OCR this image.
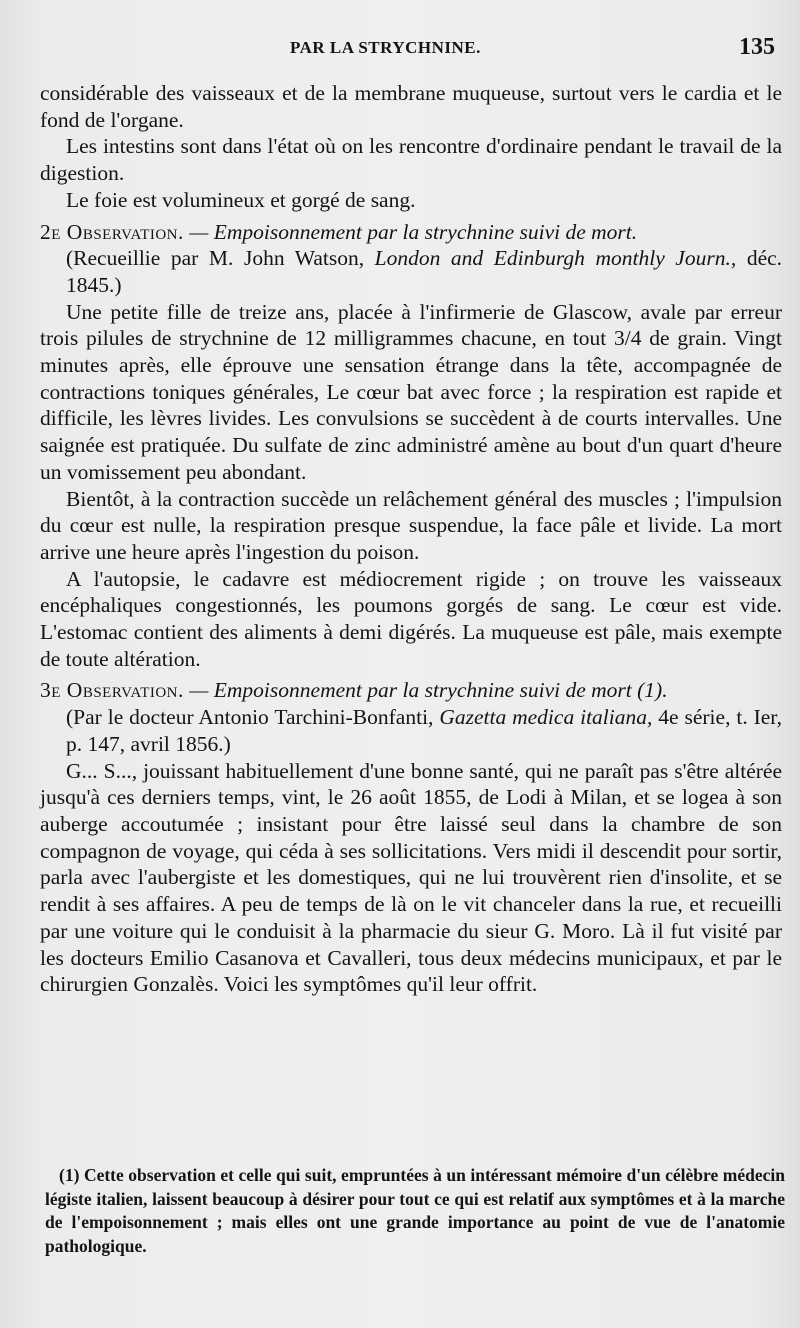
PAR LA STRYCHNINE.	135

considérable des vaisseaux et de la membrane muqueuse, surtout vers le cardia et le fond de l'organe.

Les intestins sont dans l'état où on les rencontre d'ordinaire pendant le travail de la digestion.

Le foie est volumineux et gorgé de sang.

2e Observation. — Empoisonnement par la strychnine suivi de mort.

(Recueillie par M. John Watson, London and Edinburgh monthly Journ., déc. 1845.)

Une petite fille de treize ans, placée à l'infirmerie de Glascow, avale par erreur trois pilules de strychnine de 12 milligrammes chacune, en tout 3/4 de grain. Vingt minutes après, elle éprouve une sensation étrange dans la tête, accompagnée de contractions toniques générales, Le cœur bat avec force ; la respiration est rapide et difficile, les lèvres livides. Les convulsions se succèdent à de courts intervalles. Une saignée est pratiquée. Du sulfate de zinc administré amène au bout d'un quart d'heure un vomissement peu abondant.

Bientôt, à la contraction succède un relâchement général des muscles ; l'impulsion du cœur est nulle, la respiration presque suspendue, la face pâle et livide. La mort arrive une heure après l'ingestion du poison.

A l'autopsie, le cadavre est médiocrement rigide ; on trouve les vaisseaux encéphaliques congestionnés, les poumons gorgés de sang. Le cœur est vide. L'estomac contient des aliments à demi digérés. La muqueuse est pâle, mais exempte de toute altération.

3e Observation. — Empoisonnement par la strychnine suivi de mort (1).

(Par le docteur Antonio Tarchini-Bonfanti, Gazetta medica italiana, 4e série, t. Ier, p. 147, avril 1856.)

G... S..., jouissant habituellement d'une bonne santé, qui ne paraît pas s'être altérée jusqu'à ces derniers temps, vint, le 26 août 1855, de Lodi à Milan, et se logea à son auberge accoutumée ; insistant pour être laissé seul dans la chambre de son compagnon de voyage, qui céda à ses sollicitations. Vers midi il descendit pour sortir, parla avec l'aubergiste et les domestiques, qui ne lui trouvèrent rien d'insolite, et se rendit à ses affaires. A peu de temps de là on le vit chanceler dans la rue, et recueilli par une voiture qui le conduisit à la pharmacie du sieur G. Moro. Là il fut visité par les docteurs Emilio Casanova et Cavalleri, tous deux médecins municipaux, et par le chirurgien Gonzalès. Voici les symptômes qu'il leur offrit.

(1) Cette observation et celle qui suit, empruntées à un intéressant mémoire d'un célèbre médecin légiste italien, laissent beaucoup à désirer pour tout ce qui est relatif aux symptômes et à la marche de l'empoisonnement ; mais elles ont une grande importance au point de vue de l'anatomie pathologique.
